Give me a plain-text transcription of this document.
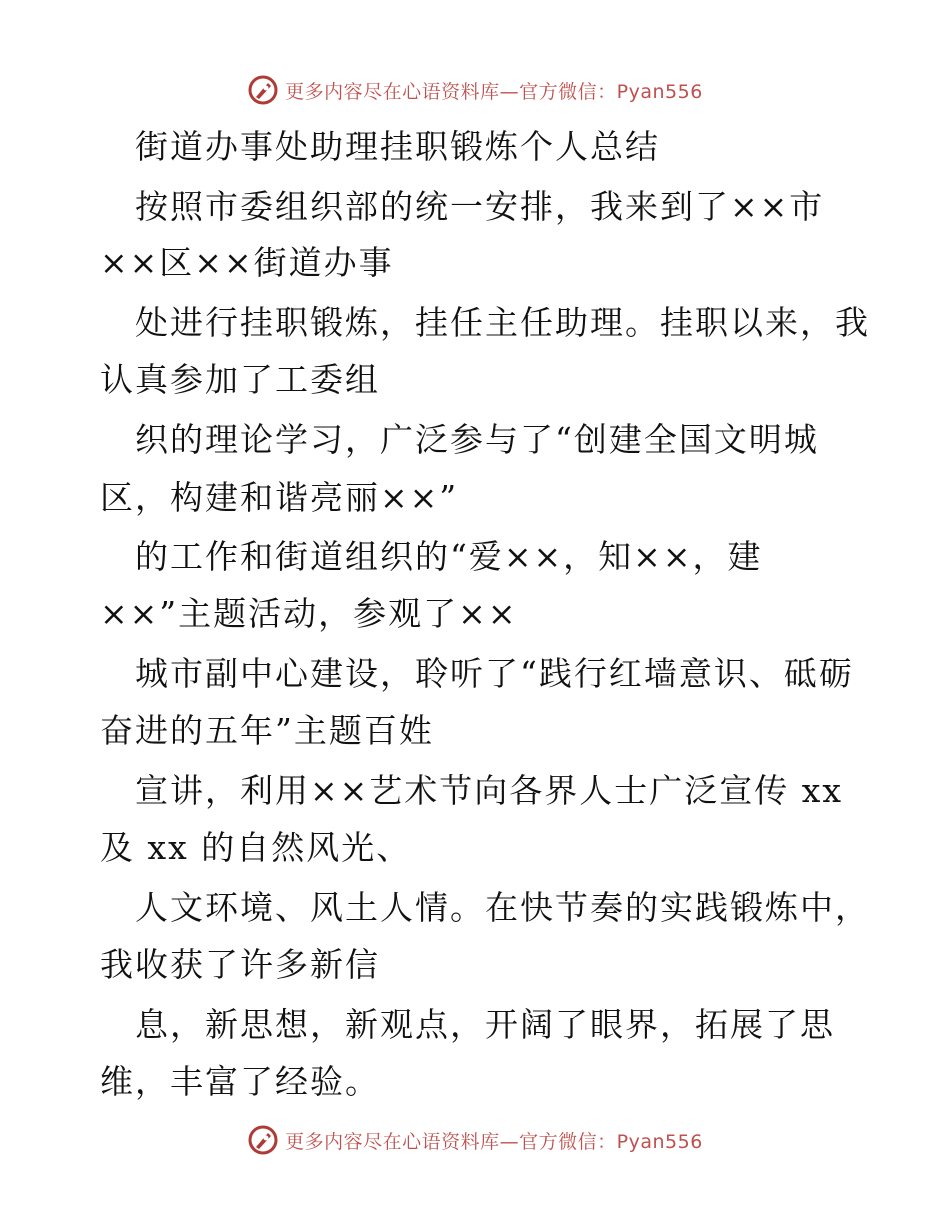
更多内容尽在心语资料库—官方微信：Pyan556
街道办事处助理挂职锻炼个人总结
按照市委组织部的统一安排，我来到了××市
××区××街道办事
处进行挂职锻炼，挂任主任助理。挂职以来，我
认真参加了工委组
织的理论学习，广泛参与了“创建全国文明城
区，构建和谐亮丽××”
的工作和街道组织的“爱××，知××，建
××”主题活动，参观了××
城市副中心建设，聆听了“践行红墙意识、砥砺
奋进的五年”主题百姓
宣讲，利用××艺术节向各界人士广泛宣传 xx
及 xx 的自然风光、
人文环境、风土人情。在快节奏的实践锻炼中，
我收获了许多新信
息，新思想，新观点，开阔了眼界，拓展了思
维，丰富了经验。
更多内容尽在心语资料库—官方微信：Pyan556
